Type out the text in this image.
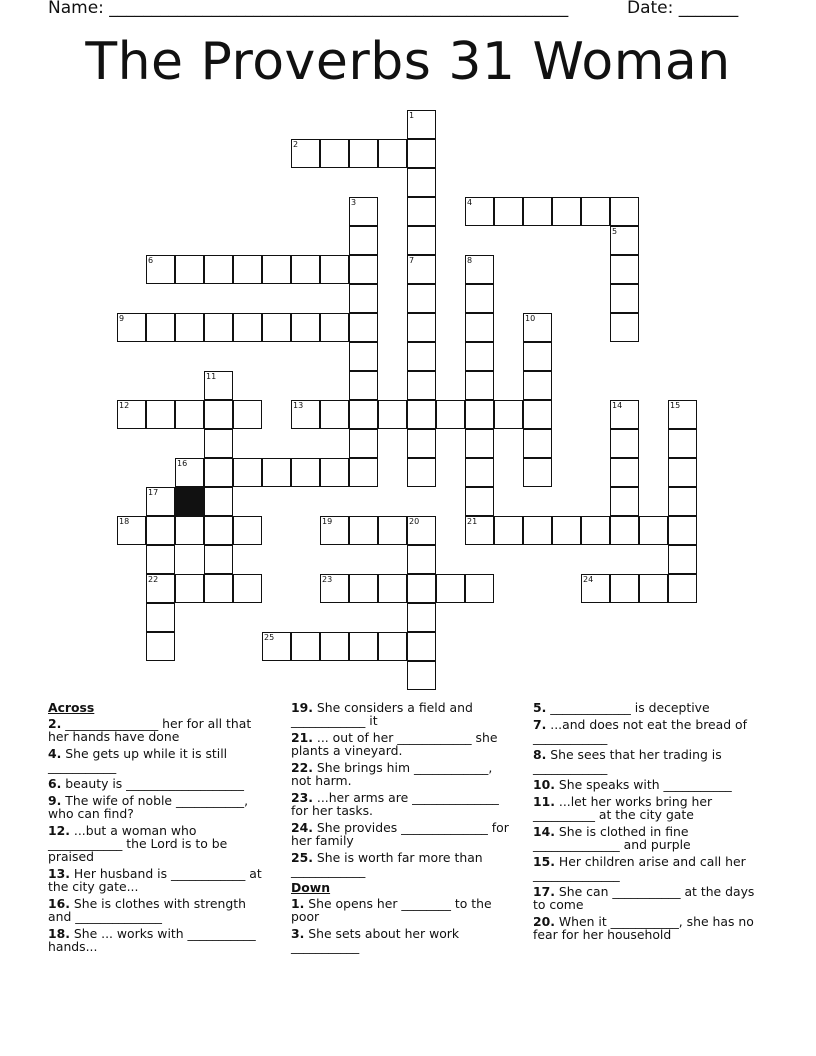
Name: ______________________________________________________	Date: _______
The Proverbs 31 Woman
1
2
3	4
5
6	7	8
9	10
11
12	13	14	15
16
17
18	19	20	21
22	23	24
25
Across
2. _______________ her for all that her hands have done
4. She gets up while it is still ___________
6. beauty is ___________________
9. The wife of noble ___________, who can find?
12. ...but a woman who ____________ the Lord is to be praised
13. Her husband is ____________ at the city gate...
16. She is clothes with strength and ______________
18. She ... works with ___________ hands...
19. She considers a field and ____________ it
21. ... out of her ____________ she plants a vineyard.
22. She brings him ____________, not harm.
23. ...her arms are ______________ for her tasks.
24. She provides ______________ for her family
25. She is worth far more than ____________
Down
1. She opens her ________ to the poor
3. She sets about her work ___________
5. _____________ is deceptive
7. ...and does not eat the bread of ____________
8. She sees that her trading is ____________
10. She speaks with ___________
11. ...let her works bring her __________ at the city gate
14. She is clothed in fine ______________ and purple
15. Her children arise and call her ______________
17. She can ___________ at the days to come
20. When it ___________, she has no fear for her household
